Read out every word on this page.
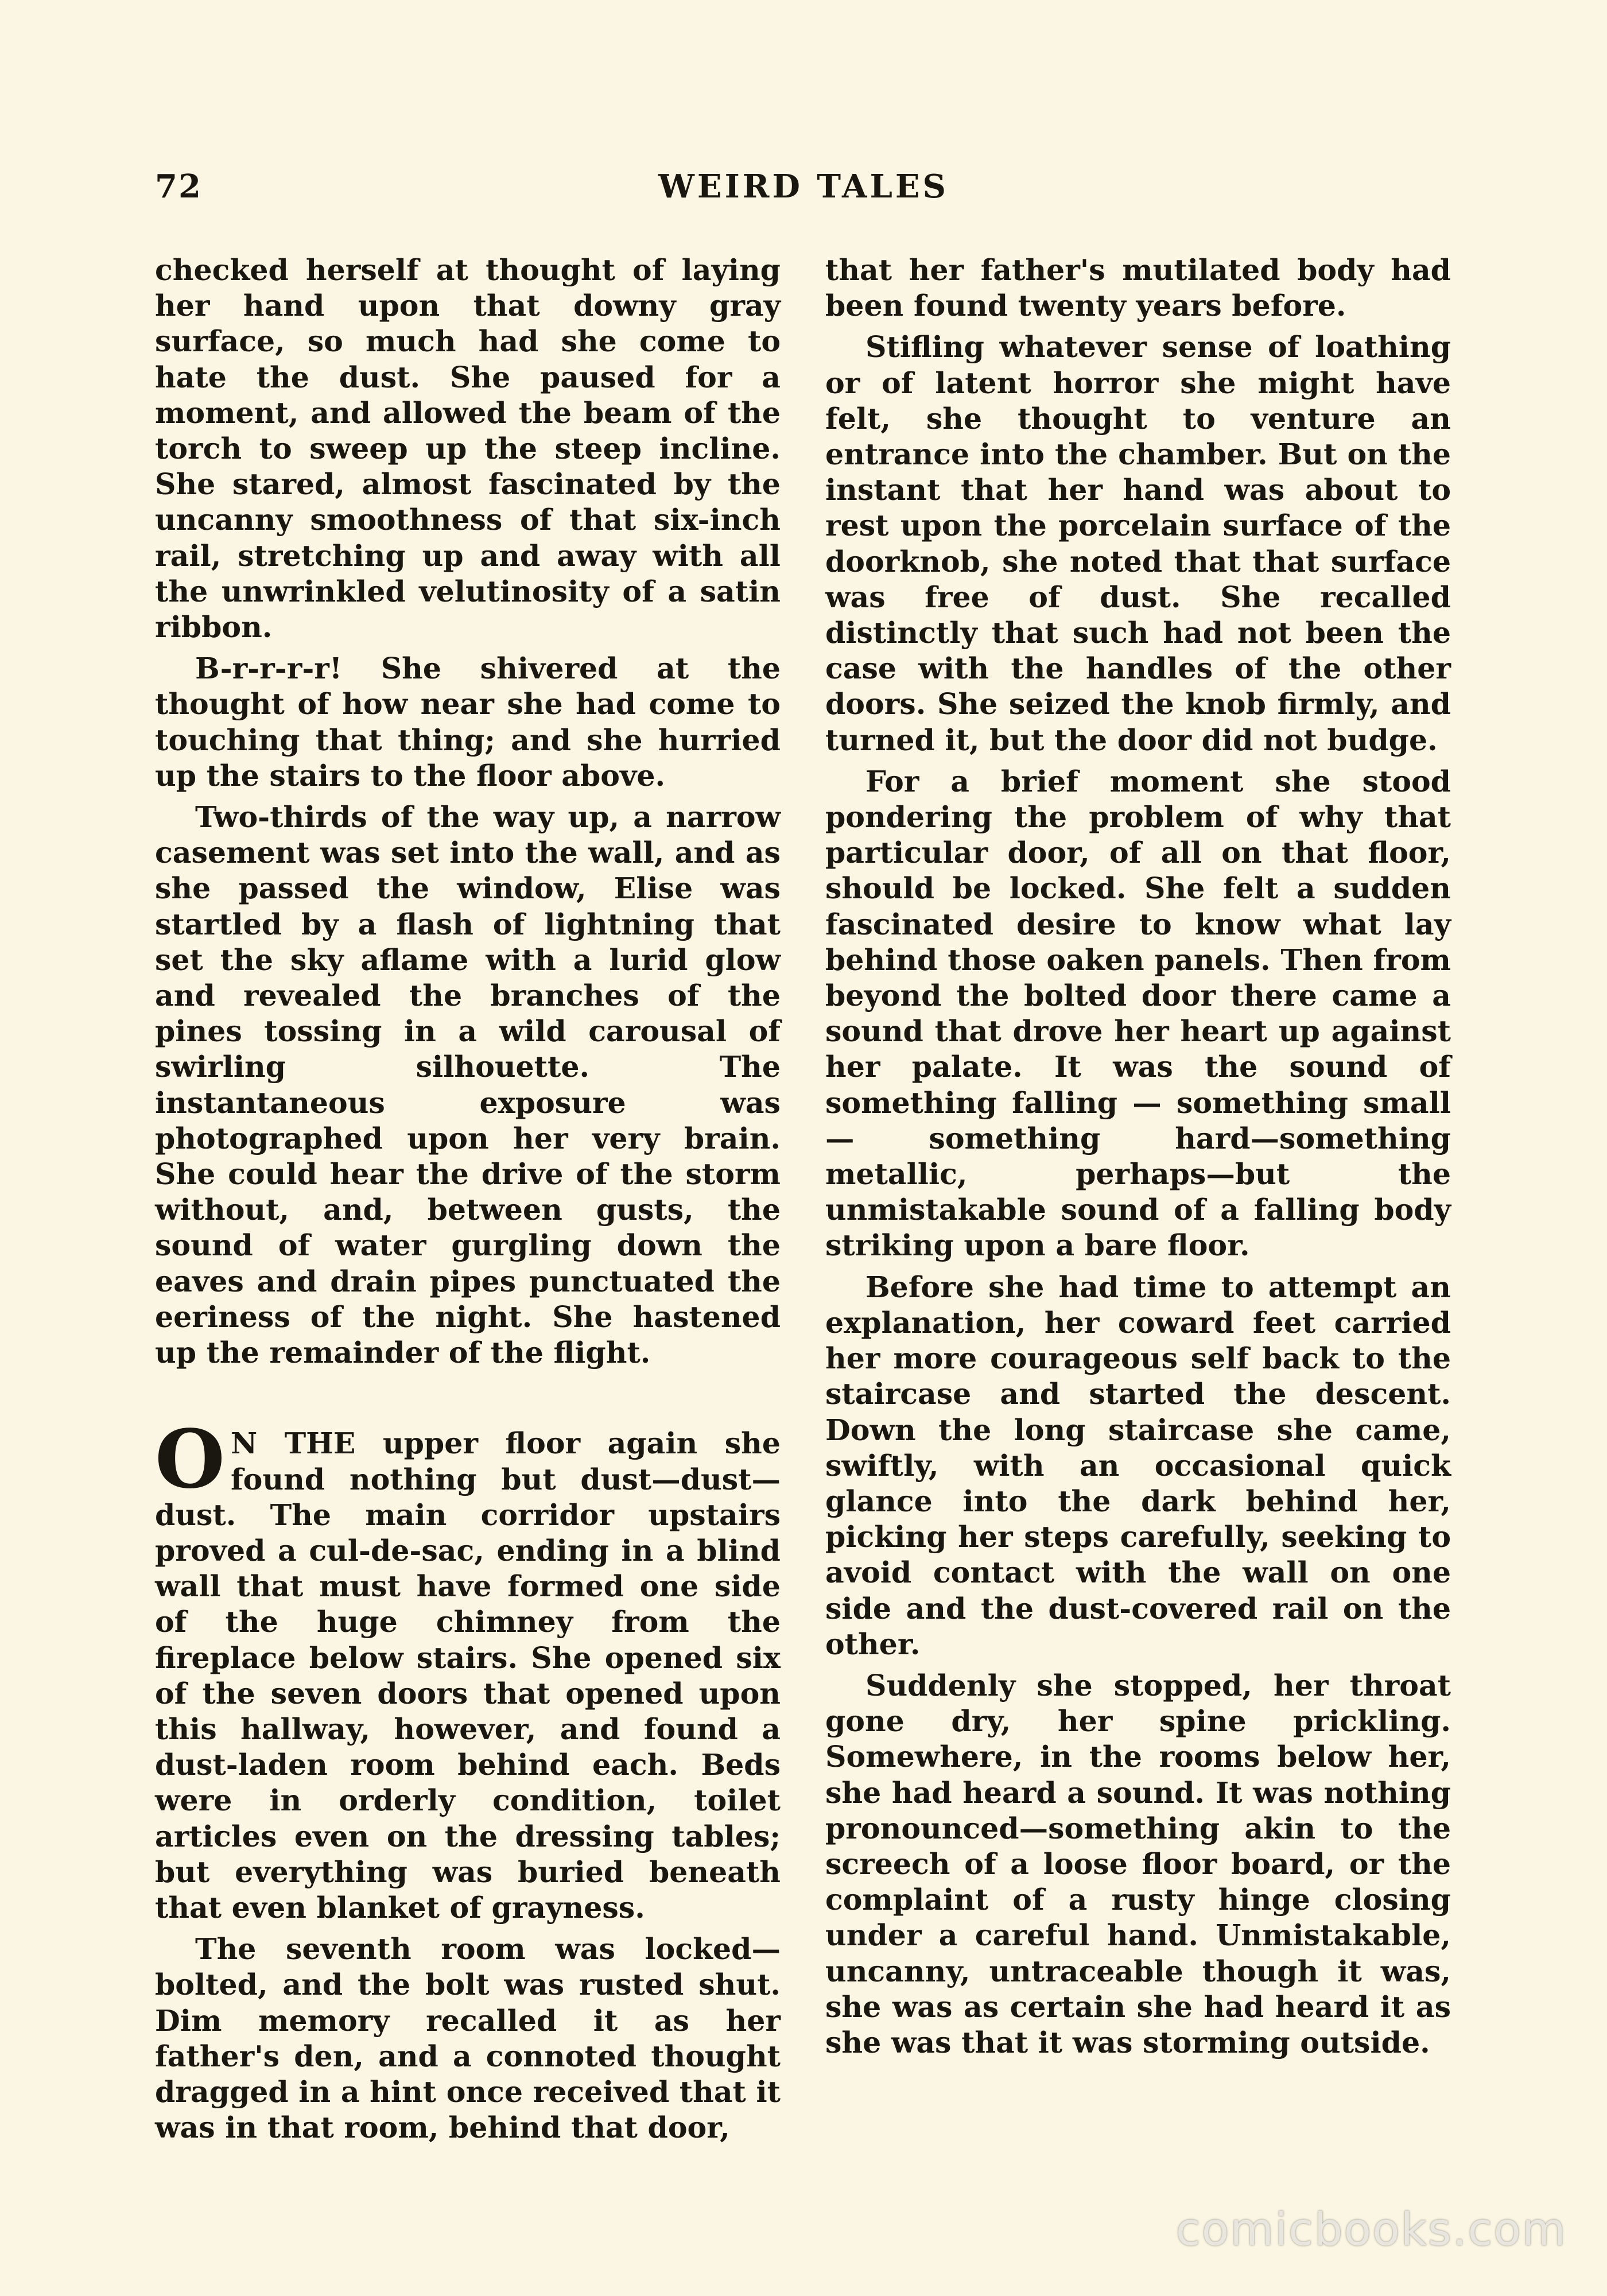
72	WEIRD TALES

checked herself at thought of laying her hand upon that downy gray surface, so much had she come to hate the dust. She paused for a moment, and allowed the beam of the torch to sweep up the steep incline. She stared, almost fascinated by the uncanny smoothness of that six-inch rail, stretching up and away with all the unwrinkled velutinosity of a satin ribbon.

B-r-r-r-r! She shivered at the thought of how near she had come to touching that thing; and she hurried up the stairs to the floor above.

Two-thirds of the way up, a narrow casement was set into the wall, and as she passed the window, Elise was startled by a flash of lightning that set the sky aflame with a lurid glow and revealed the branches of the pines tossing in a wild carousal of swirling silhouette. The instantaneous exposure was photographed upon her very brain. She could hear the drive of the storm without, and, between gusts, the sound of water gurgling down the eaves and drain pipes punctuated the eeriness of the night. She hastened up the remainder of the flight.

O N THE upper floor again she found nothing but dust—dust—dust. The main corridor upstairs proved a cul-de-sac, ending in a blind wall that must have formed one side of the huge chimney from the fireplace below stairs. She opened six of the seven doors that opened upon this hallway, however, and found a dust-laden room behind each. Beds were in orderly condition, toilet articles even on the dressing tables; but everything was buried beneath that even blanket of grayness.

The seventh room was locked—bolted, and the bolt was rusted shut. Dim memory recalled it as her father's den, and a connoted thought dragged in a hint once received that it was in that room, behind that door,

that her father's mutilated body had been found twenty years before.

Stifling whatever sense of loathing or of latent horror she might have felt, she thought to venture an entrance into the chamber. But on the instant that her hand was about to rest upon the porcelain surface of the doorknob, she noted that that surface was free of dust. She recalled distinctly that such had not been the case with the handles of the other doors. She seized the knob firmly, and turned it, but the door did not budge.

For a brief moment she stood pondering the problem of why that particular door, of all on that floor, should be locked. She felt a sudden fascinated desire to know what lay behind those oaken panels. Then from beyond the bolted door there came a sound that drove her heart up against her palate. It was the sound of something falling — something small — something hard—something metallic, perhaps—but the unmistakable sound of a falling body striking upon a bare floor.

Before she had time to attempt an explanation, her coward feet carried her more courageous self back to the staircase and started the descent. Down the long staircase she came, swiftly, with an occasional quick glance into the dark behind her, picking her steps carefully, seeking to avoid contact with the wall on one side and the dust-covered rail on the other.

Suddenly she stopped, her throat gone dry, her spine prickling. Somewhere, in the rooms below her, she had heard a sound. It was nothing pronounced—something akin to the screech of a loose floor board, or the complaint of a rusty hinge closing under a careful hand. Unmistakable, uncanny, untraceable though it was, she was as certain she had heard it as she was that it was storming outside.

comicbooks.com
